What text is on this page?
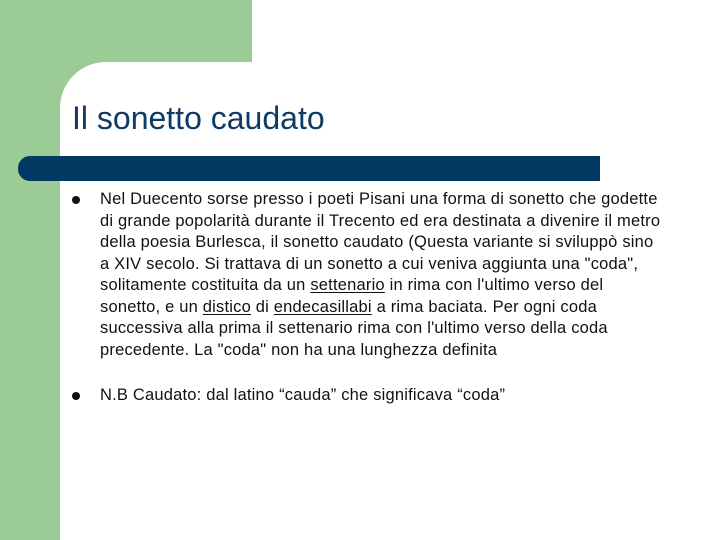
Il sonetto caudato
Nel Duecento sorse presso i poeti Pisani una forma di sonetto che godette di grande popolarità durante il Trecento ed era destinata a divenire il metro della poesia Burlesca, il sonetto caudato (Questa variante si sviluppò sino a XIV secolo. Si trattava di un sonetto a cui veniva aggiunta una "coda", solitamente costituita da un settenario in rima con l'ultimo verso del sonetto, e un distico di endecasillabi a rima baciata. Per ogni coda successiva alla prima il settenario rima con l'ultimo verso della coda precedente. La "coda" non ha una lunghezza definita
N.B Caudato: dal latino “cauda” che significava “coda”
